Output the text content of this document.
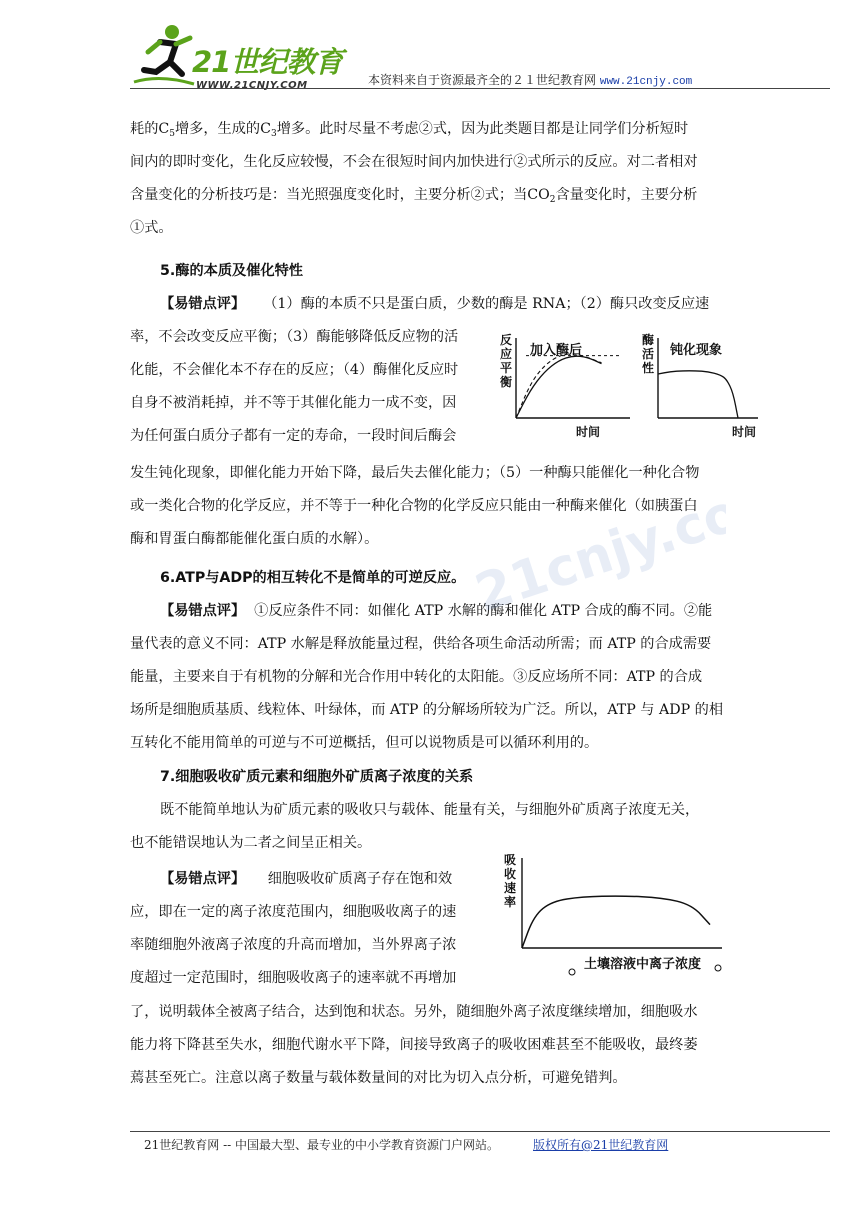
21世纪教育
WWW.21CNJY.COM	本资料来自于资源最齐全的２１世纪教育网 www.21cnjy.com
耗的$C_5$增多，生成的$C_3$增多。此时尽量不考虑②式，因为此类题目都是让同学们分析短时
间内的即时变化，生化反应较慢，不会在很短时间内加快进行②式所示的反应。对二者相对
含量变化的分析技巧是：当光照强度变化时，主要分析②式；当$CO_2$含量变化时，主要分析
①式。
5.酶的本质及催化特性
【易错点评】 （1）酶的本质不只是蛋白质，少数的酶是 RNA；（2）酶只改变反应速
率，不会改变反应平衡；（3）酶能够降低反应物的活
化能，不会催化本不存在的反应；（4）酶催化反应时
自身不被消耗掉，并不等于其催化能力一成不变，因
为任何蛋白质分子都有一定的寿命，一段时间后酶会
发生钝化现象，即催化能力开始下降，最后失去催化能力；（5）一种酶只能催化一种化合物
或一类化合物的化学反应，并不等于一种化合物的化学反应只能由一种酶来催化（如胰蛋白
酶和胃蛋白酶都能催化蛋白质的水解）。
反
应
平
衡
加入酶后
时间
酶
活
性
钝化现象
时间
6.ATP与ADP的相互转化不是简单的可逆反应。
【易错点评】 ①反应条件不同：如催化 ATP 水解的酶和催化 ATP 合成的酶不同。②能
量代表的意义不同：ATP 水解是释放能量过程，供给各项生命活动所需；而 ATP 的合成需要
能量，主要来自于有机物的分解和光合作用中转化的太阳能。③反应场所不同：ATP 的合成
场所是细胞质基质、线粒体、叶绿体，而 ATP 的分解场所较为广泛。所以，ATP 与 ADP 的相
互转化不能用简单的可逆与不可逆概括，但可以说物质是可以循环利用的。
7.细胞吸收矿质元素和细胞外矿质离子浓度的关系
既不能简单地认为矿质元素的吸收只与载体、能量有关，与细胞外矿质离子浓度无关，
也不能错误地认为二者之间呈正相关。
【易错点评】 细胞吸收矿质离子存在饱和效
应，即在一定的离子浓度范围内，细胞吸收离子的速
率随细胞外液离子浓度的升高而增加，当外界离子浓
度超过一定范围时，细胞吸收离子的速率就不再增加
了，说明载体全被离子结合，达到饱和状态。另外，随细胞外离子浓度继续增加，细胞吸水
能力将下降甚至失水，细胞代谢水平下降，间接导致离子的吸收困难甚至不能吸收，最终萎
蔫甚至死亡。注意以离子数量与载体数量间的对比为切入点分析，可避免错判。
吸
收
速
率
土壤溶液中离子浓度
21cnjy.com
21世纪教育网 -- 中国最大型、最专业的中小学教育资源门户网站。	版权所有@21世纪教育网
